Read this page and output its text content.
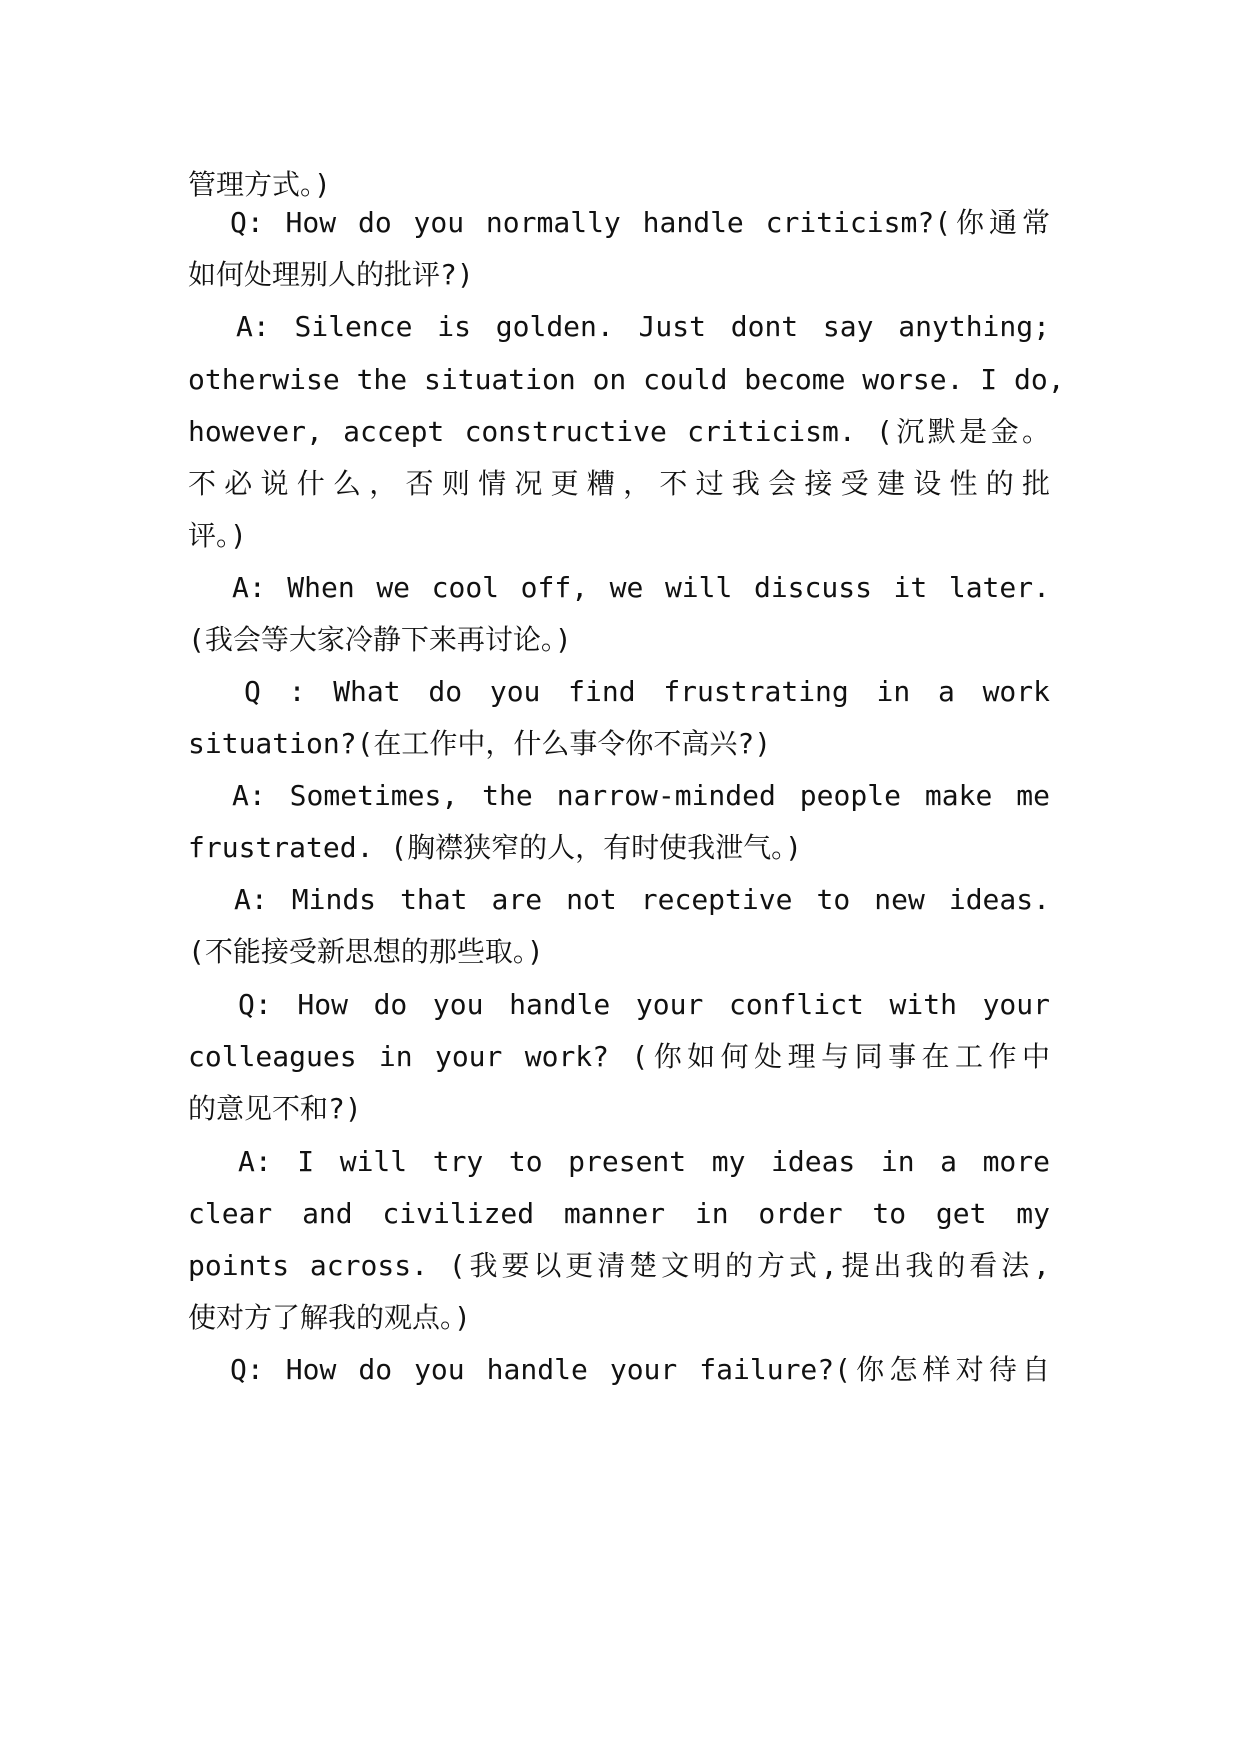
管理方式。)
Q: How do you normally handle criticism?(你通常
如何处理别人的批评?)
A: Silence is golden. Just dont say anything;
otherwise the situation on could become worse. I do,
however, accept constructive criticism. (沉默是金。
不必说什么，否则情况更糟，不过我会接受建设性的批
评。)
A: When we cool off, we will discuss it later.
(我会等大家冷静下来再讨论。)
Q : What do you find frustrating in a work
situation?(在工作中，什么事令你不高兴?)
A: Sometimes, the narrow-minded people make me
frustrated. (胸襟狭窄的人，有时使我泄气。)
A: Minds that are not receptive to new ideas.
(不能接受新思想的那些取。)
Q: How do you handle your conflict with your
colleagues in your work? (你如何处理与同事在工作中
的意见不和?)
A: I will try to present my ideas in a more
clear and civilized manner in order to get my
points across. (我要以更清楚文明的方式,提出我的看法,
使对方了解我的观点。)
Q: How do you handle your failure?(你怎样对待自
